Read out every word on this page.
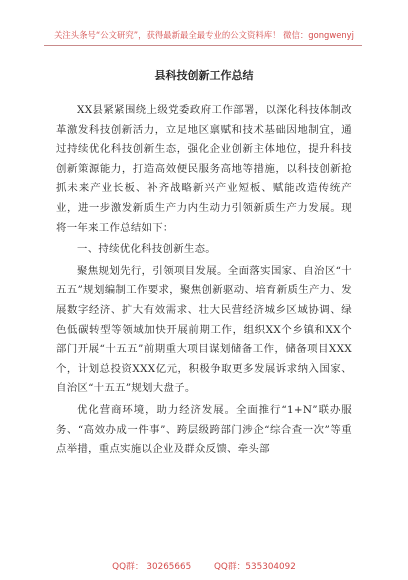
关注头条号“公文研究”，获得最新最全最专业的公文资料库！ 微信：gongwenyj
县科技创新工作总结

XX县紧紧围绕上级党委政府工作部署，以深化科技体制改革激发科技创新活力，立足地区禀赋和技术基础因地制宜，通过持续优化科技创新生态，强化企业创新主体地位，提升科技创新策源能力，打造高效便民服务高地等措施，以科技创新抢抓未来产业长板、补齐战略新兴产业短板、赋能改造传统产业，进一步激发新质生产力内生动力引领新质生产力发展。现将一年来工作总结如下：

一、持续优化科技创新生态。

聚焦规划先行，引领项目发展。全面落实国家、自治区“十五五”规划编制工作要求，聚焦创新驱动、培育新质生产力、发展数字经济、扩大有效需求、壮大民营经济城乡区域协调、绿色低碳转型等领域加快开展前期工作，组织XX个乡镇和XX个部门开展“十五五”前期重大项目谋划储备工作，储备项目XXX个，计划总投资XXX亿元，积极争取更多发展诉求纳入国家、自治区“十五五”规划大盘子。

优化营商环境，助力经济发展。全面推行“1+N”联办服务、“高效办成一件事”、跨层级跨部门涉企“综合查一次”等重点举措，重点实施以企业及群众反馈、牵头部

QQ群： 30265665	QQ群：535304092
